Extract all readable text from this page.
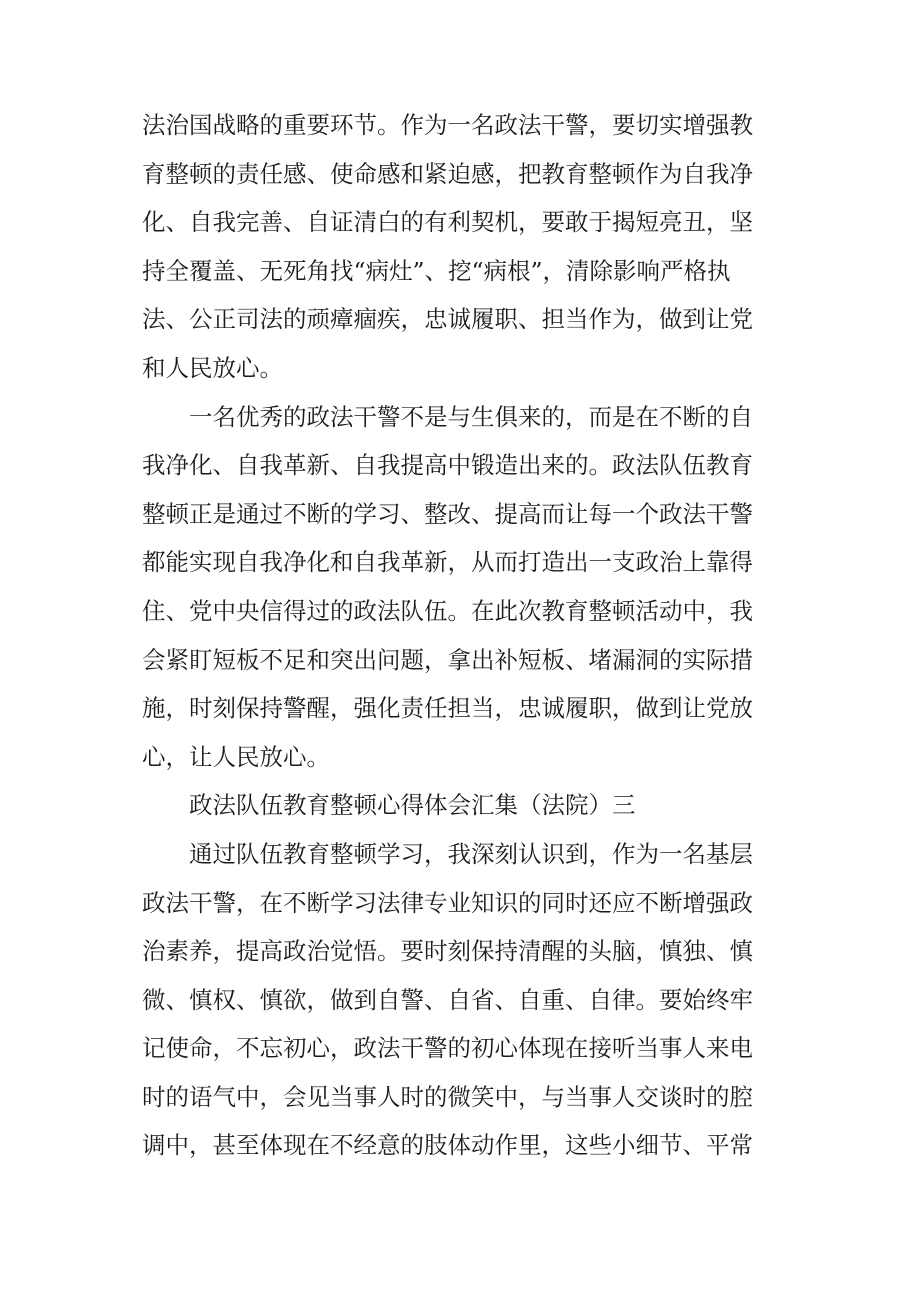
法治国战略的重要环节。作为一名政法干警，要切实增强教
育整顿的责任感、使命感和紧迫感，把教育整顿作为自我净
化、自我完善、自证清白的有利契机，要敢于揭短亮丑，坚
持全覆盖、无死角找“病灶”、挖“病根”，清除影响严格执
法、公正司法的顽瘴痼疾，忠诚履职、担当作为，做到让党
和人民放心。
　　一名优秀的政法干警不是与生俱来的，而是在不断的自
我净化、自我革新、自我提高中锻造出来的。政法队伍教育
整顿正是通过不断的学习、整改、提高而让每一个政法干警
都能实现自我净化和自我革新，从而打造出一支政治上靠得
住、党中央信得过的政法队伍。在此次教育整顿活动中，我
会紧盯短板不足和突出问题，拿出补短板、堵漏洞的实际措
施，时刻保持警醒，强化责任担当，忠诚履职，做到让党放
心，让人民放心。
　　政法队伍教育整顿心得体会汇集（法院）三
　　通过队伍教育整顿学习，我深刻认识到，作为一名基层
政法干警，在不断学习法律专业知识的同时还应不断增强政
治素养，提高政治觉悟。要时刻保持清醒的头脑，慎独、慎
微、慎权、慎欲，做到自警、自省、自重、自律。要始终牢
记使命，不忘初心，政法干警的初心体现在接听当事人来电
时的语气中，会见当事人时的微笑中，与当事人交谈时的腔
调中，甚至体现在不经意的肢体动作里，这些小细节、平常
